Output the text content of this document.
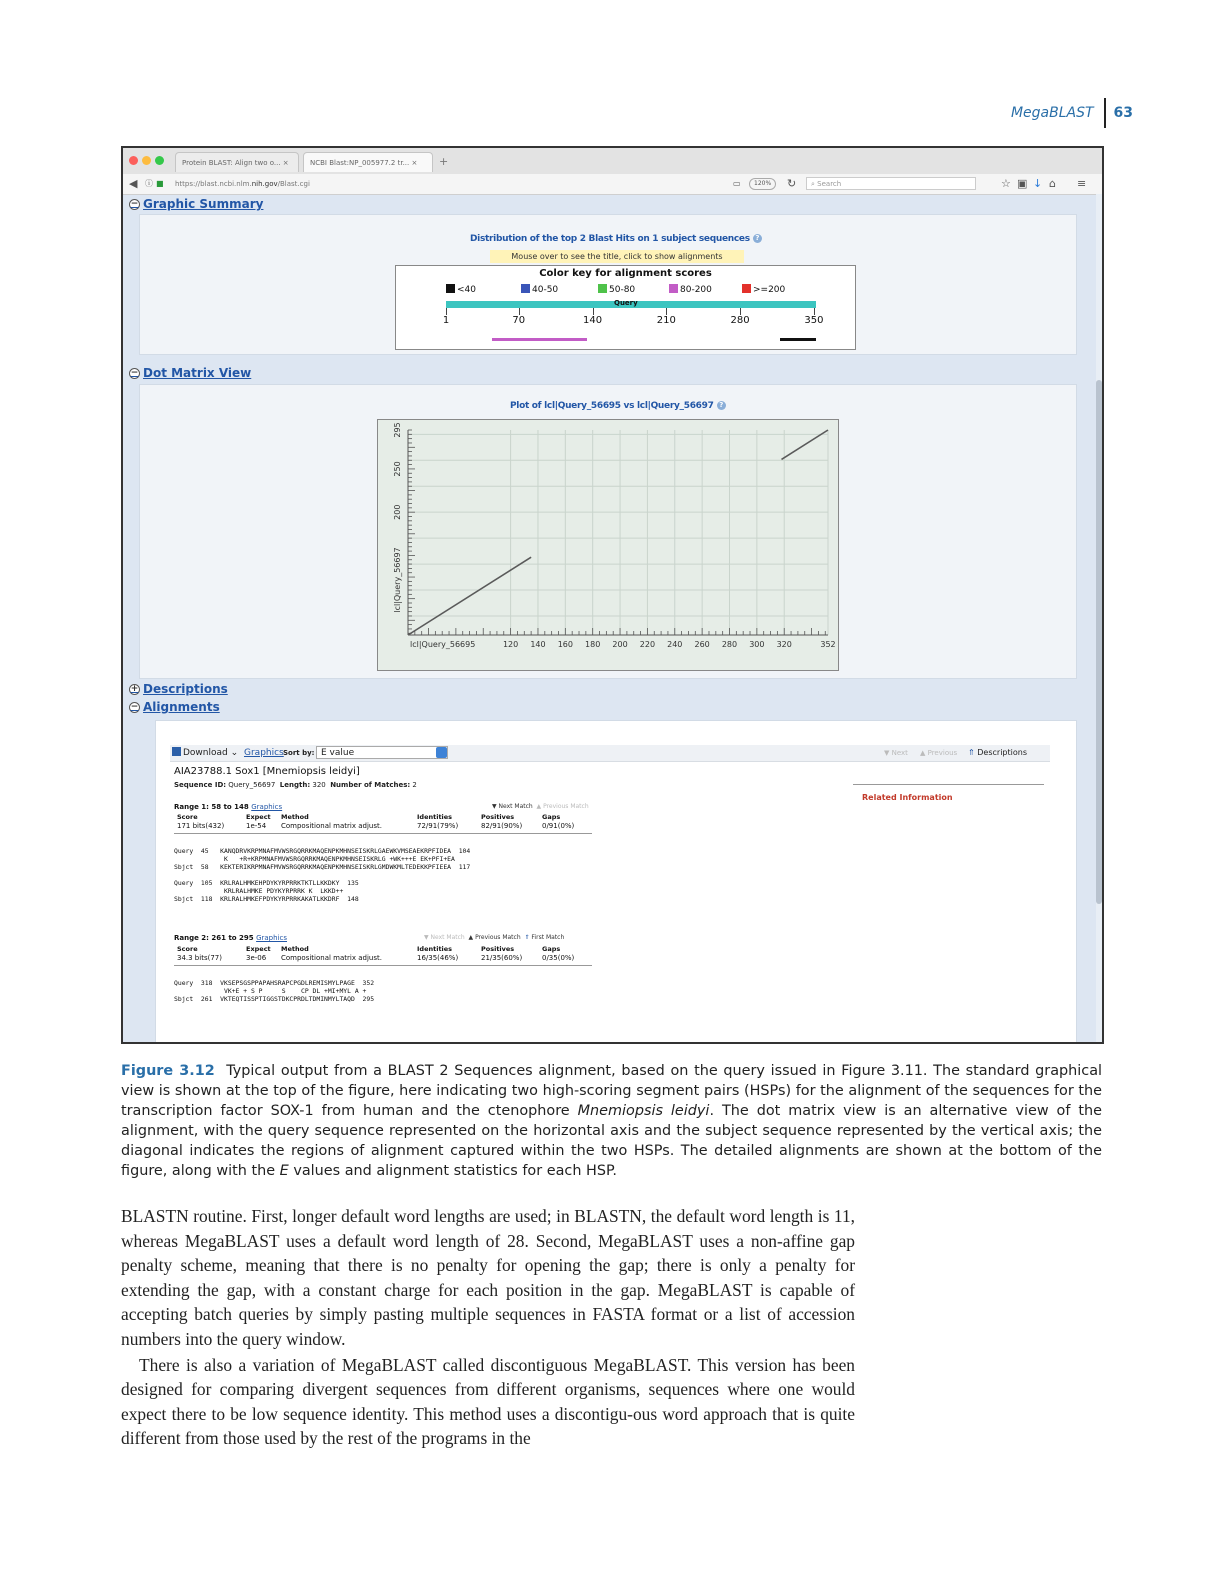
MegaBLAST	63
Protein BLAST: Align two o... ×	NCBI Blast:NP_005977.2 tr... ×	+
◀ ⓘ ■ https://blast.ncbi.nlm.nih.gov/Blast.cgi	▭	120%	↻	⌕ Search	☆ ▣ ↓ ⌂ ≡
− Graphic Summary
Distribution of the top 2 Blast Hits on 1 subject sequences ?
Mouse over to see the title, click to show alignments
Color key for alignment scores
<40	40-50	50-80	80-200	>=200
Query
1	70	140	210	280	350
− Dot Matrix View
Plot of lcl|Query_56695 vs lcl|Query_56697 ?
120 140 160 180 200 220 240 260 280 300 320	352
200
250
295
lcl|Query_56695
lcl|Query_56697
+ Descriptions
− Alignments
Download ⌄ Graphics Sort by: E value	▼ Next ▲ Previous ⇑ Descriptions
AIA23788.1 Sox1 [Mnemiopsis leidyi]
Sequence ID: Query_56697 Length: 320 Number of Matches: 2
Related Information
Range 1: 58 to 148 Graphics	▼ Next Match ▲ Previous Match
Score	Expect Method	Identities	Positives	Gaps
171 bits(432)	1e-54 Compositional matrix adjust.	72/91(79%)	82/91(90%)	0/91(0%)
Query  45   KANQDRVKRPMNAFMVWSRGQRRKMAQENPKMHNSEISKRLGAEWKVMSEAEKRPFIDEA  104
K   +R+KRPMNAFMVWSRGQRRKMAQENPKMHNSEISKRLG +WK+++E EK+PFI+EA
Sbjct  58   KEKTERIKRPMNAFMVWSRGQRRKMAQENPKMHNSEISKRLGMDWKMLTEDEKKPFIEEA  117
Query  105  KRLRALHMKEHPDYKYRPRRKTKTLLKKDKY  135
KRLRALHMKE PDYKYRPRRK K  LKKD++
Sbjct  118  KRLRALHMKEFPDYKYRPRRKAKATLKKDRF  148
Range 2: 261 to 295 Graphics	▼ Next Match ▲ Previous Match ⇑ First Match
Score	Expect Method	Identities	Positives	Gaps
34.3 bits(77)	3e-06 Compositional matrix adjust.	16/35(46%)	21/35(60%)	0/35(0%)
Query  318  VKSEPSGSPPAPAHSRAPCPGDLREMISMYLPAGE  352
VK+E + S P     S    CP DL +MI+MYL A +
Sbjct  261  VKTEQTISSPTIGGSTDKCPRDLTDMINMYLTAQD  295
Figure 3.12 Typical output from a BLAST 2 Sequences alignment, based on the query issued in Figure 3.11. The standard graphical view is shown at the top of the figure, here indicating two high-scoring segment pairs (HSPs) for the alignment of the sequences for the transcription factor SOX-1 from human and the ctenophore Mnemiopsis leidyi. The dot matrix view is an alternative view of the alignment, with the query sequence represented on the horizontal axis and the subject sequence represented by the vertical axis; the diagonal indicates the regions of alignment captured within the two HSPs. The detailed alignments are shown at the bottom of the figure, along with the E values and alignment statistics for each HSP.

BLASTN routine. First, longer default word lengths are used; in BLASTN, the default word length is 11, whereas MegaBLAST uses a default word length of 28. Second, MegaBLAST uses a non-affine gap penalty scheme, meaning that there is no penalty for opening the gap; there is only a penalty for extending the gap, with a constant charge for each position in the gap. MegaBLAST is capable of accepting batch queries by simply pasting multiple sequences in FASTA format or a list of accession numbers into the query window.

There is also a variation of MegaBLAST called discontiguous MegaBLAST. This version has been designed for comparing divergent sequences from different organisms, sequences where one would expect there to be low sequence identity. This method uses a discontigu-ous word approach that is quite different from those used by the rest of the programs in the
